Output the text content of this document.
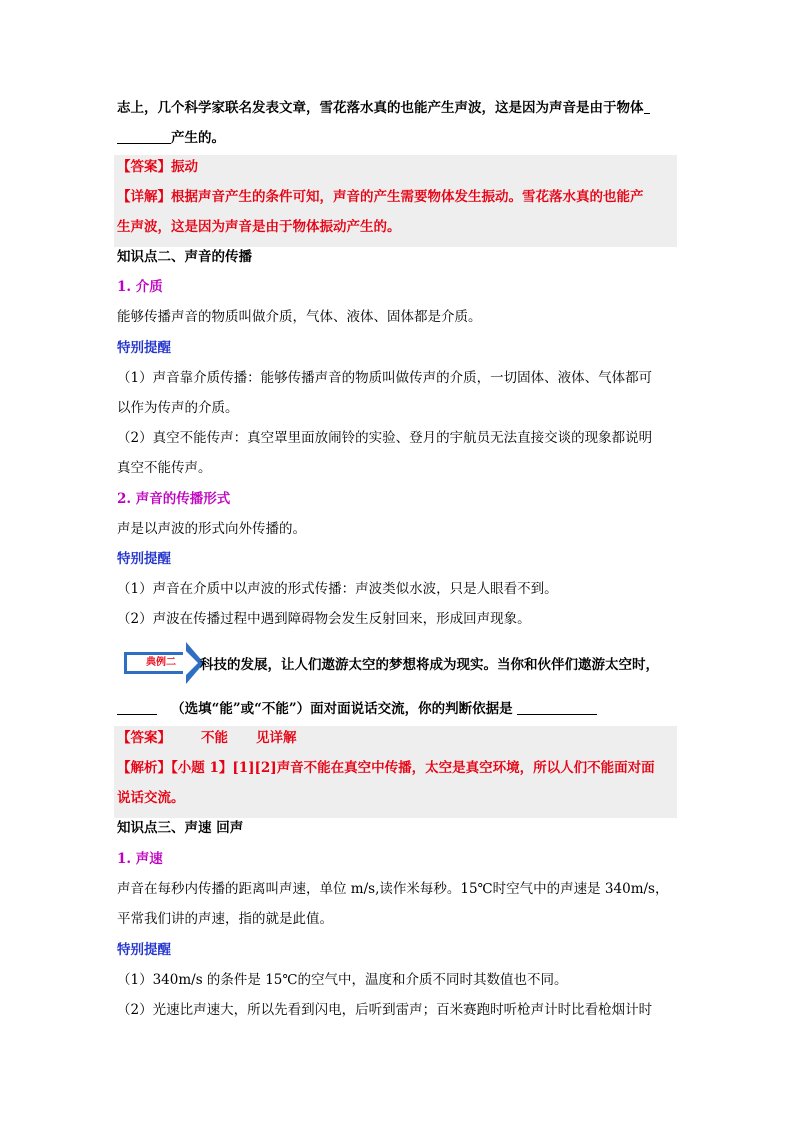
志上，几个科学家联名发表文章，雪花落水真的也能产生声波，这是因为声音是由于物体
产生的。
【答案】振动
【详解】根据声音产生的条件可知，声音的产生需要物体发生振动。雪花落水真的也能产
生声波，这是因为声音是由于物体振动产生的。
知识点二、声音的传播
1. 介质
能够传播声音的物质叫做介质，气体、液体、固体都是介质。
特别提醒
（1）声音靠介质传播：能够传播声音的物质叫做传声的介质，一切固体、液体、气体都可
以作为传声的介质。
（2）真空不能传声：真空罩里面放闹铃的实验、登月的宇航员无法直接交谈的现象都说明
真空不能传声。
2. 声音的传播形式
声是以声波的形式向外传播的。
特别提醒
（1）声音在介质中以声波的形式传播：声波类似水波，只是人眼看不到。
（2）声波在传播过程中遇到障碍物会发生反射回来，形成回声现象。
典例二 科技的发展，让人们遨游太空的梦想将成为现实。当你和伙伴们遨游太空时，
（选填“能”或“不能”）面对面说话交流，你的判断依据是
【答案】 不能 见详解
【解析】【小题 1】[1][2]声音不能在真空中传播，太空是真空环境，所以人们不能面对面
说话交流。
知识点三、声速 回声
1. 声速
声音在每秒内传播的距离叫声速，单位 m/s,读作米每秒。15℃时空气中的声速是 340m/s，
平常我们讲的声速，指的就是此值。
特别提醒
（1）340m/s 的条件是 15℃的空气中，温度和介质不同时其数值也不同。
（2）光速比声速大，所以先看到闪电，后听到雷声；百米赛跑时听枪声计时比看枪烟计时
